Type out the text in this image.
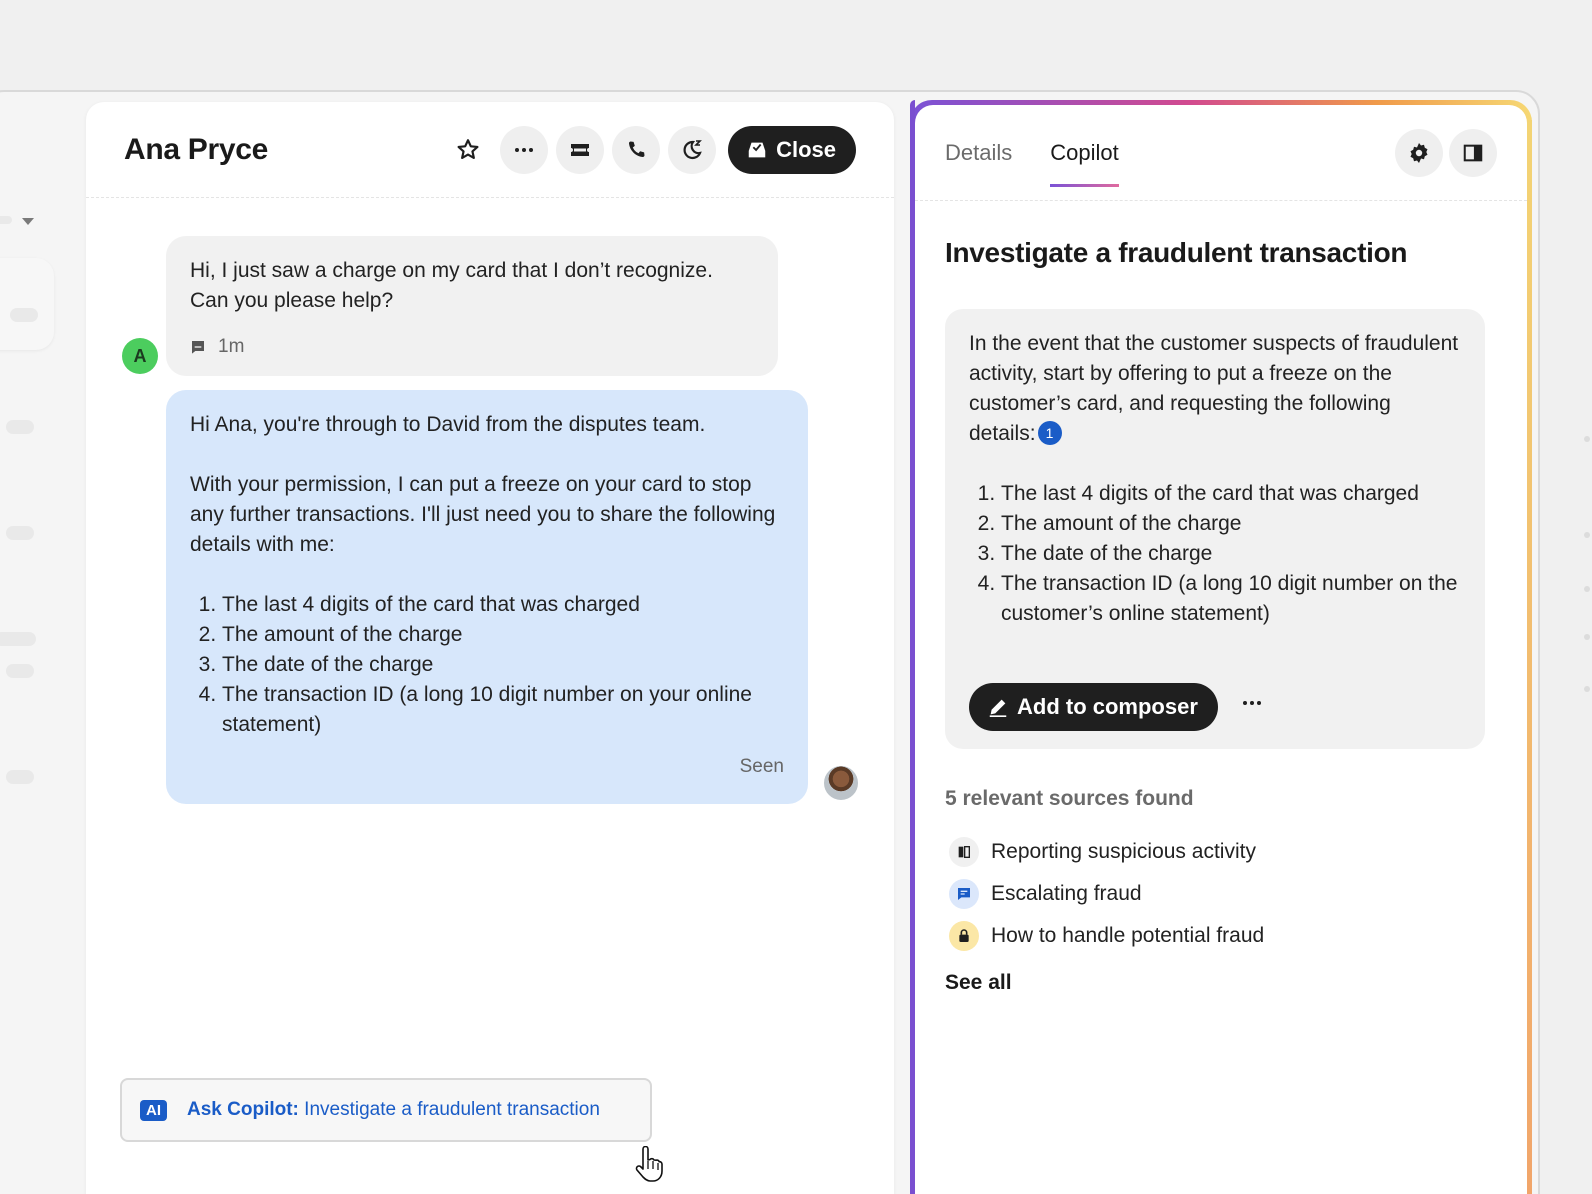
Ana Pryce	Close
Hi, I just saw a charge on my card that I don’t recognize.
Can you please help?
1m
A

Hi Ana, you're through to David from the disputes team.

With your permission, I can put a freeze on your card to stop any further transactions. I'll just need you to share the following details with me:

1. The last 4 digits of the card that was charged
2. The amount of the charge
3. The date of the charge
4. The transaction ID (a long 10 digit number on your online statement)
Seen
AI	Ask Copilot: Investigate a fraudulent transaction
Details Copilot
Investigate a fraudulent transaction
In the event that the customer suspects of fraudulent activity, start by offering to put a freeze on the customer’s card, and requesting the following details: 1
1. The last 4 digits of the card that was charged
2. The amount of the charge
3. The date of the charge
4. The transaction ID (a long 10 digit number on the customer’s online statement)
Add to composer
5 relevant sources found
Reporting suspicious activity
Escalating fraud
How to handle potential fraud
See all
